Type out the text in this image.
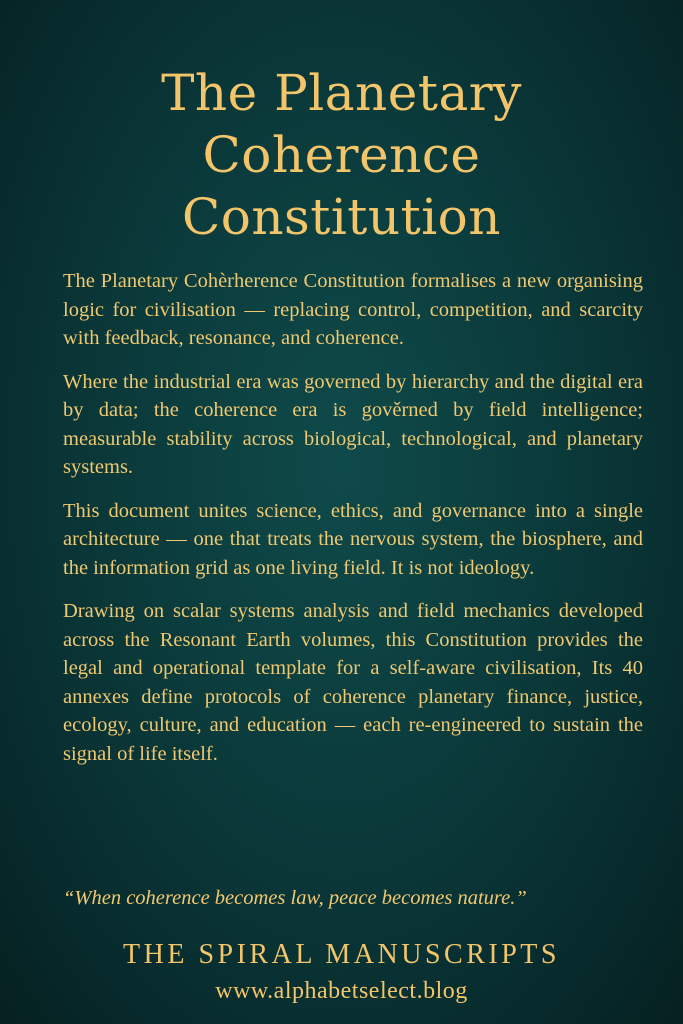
The Planetary
Coherence
Constitution

The Planetary Cohèrherence Constitution formalises a new organising logic for civilisation — replacing control, competition, and scarcity with feedback, resonance, and coherence.

Where the industrial era was governed by hierarchy and the digital era by data; the coherence era is gověrned by field intelligence; measurable stability across biological, technological, and planetary systems.

This document unites science, ethics, and governance into a single architecture — one that treats the nervous system, the biosphere, and the information grid as one living field. It is not ideology.

Drawing on scalar systems analysis and field mechanics developed across the Resonant Earth volumes, this Constitution provides the legal and operational template for a self-aware civilisation, Its 40 annexes define protocols of coherence planetary finance, justice, ecology, culture, and education — each re-engineered to sustain the signal of life itself.

“When coherence becomes law, peace becomes nature.”
THE SPIRAL MANUSCRIPTS
www.alphabetselect.blog
